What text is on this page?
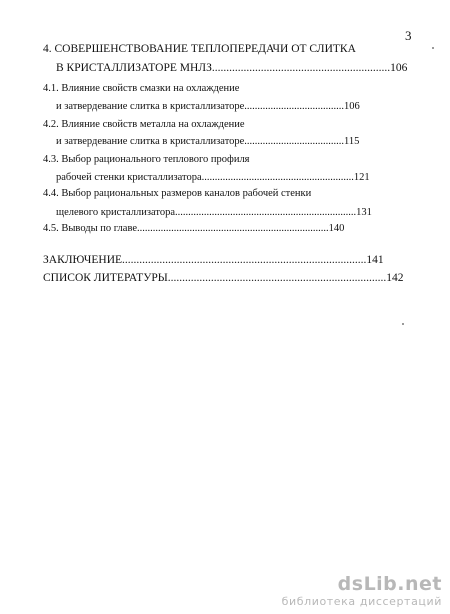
3
4. СОВЕРШЕНСТВОВАНИЕ ТЕПЛОПЕРЕДАЧИ ОТ СЛИТКА
В КРИСТАЛЛИЗАТОРЕ МНЛЗ..............................................................106
4.1. Влияние свойств смазки на охлаждение
и затвердевание слитка в кристаллизаторе......................................106
4.2. Влияние свойств металла на охлаждение
и затвердевание слитка в кристаллизаторе......................................115
4.3. Выбор рационального теплового профиля
рабочей стенки кристаллизатора..........................................................121
4.4. Выбор рациональных размеров каналов рабочей стенки
щелевого кристаллизатора.....................................................................131
4.5. Выводы по главе.........................................................................140
ЗАКЛЮЧЕНИЕ.....................................................................................141
СПИСОК ЛИТЕРАТУРЫ............................................................................142
dsLib.net
библиотека диссертаций
